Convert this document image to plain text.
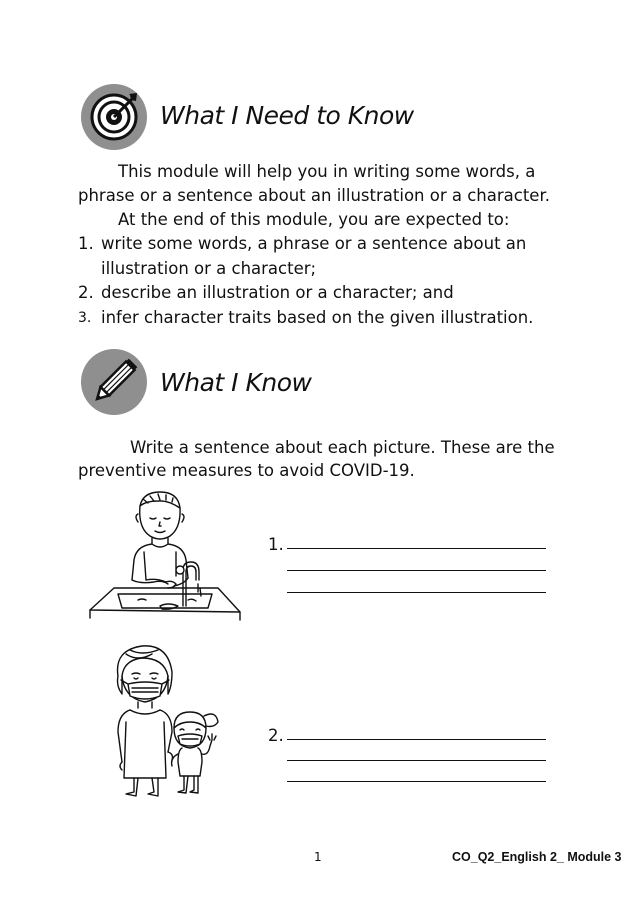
What I Need to Know
This module will help you in writing some words, a
phrase or a sentence about an illustration or a character.
At the end of this module, you are expected to:
1. write some words, a phrase or a sentence about an
illustration or a character;
2. describe an illustration or a character; and
3. infer character traits based on the given illustration.
What I Know
Write a sentence about each picture. These are the
preventive measures to avoid COVID-19.
1.
2.
1	CO_Q2_English 2_ Module 3
